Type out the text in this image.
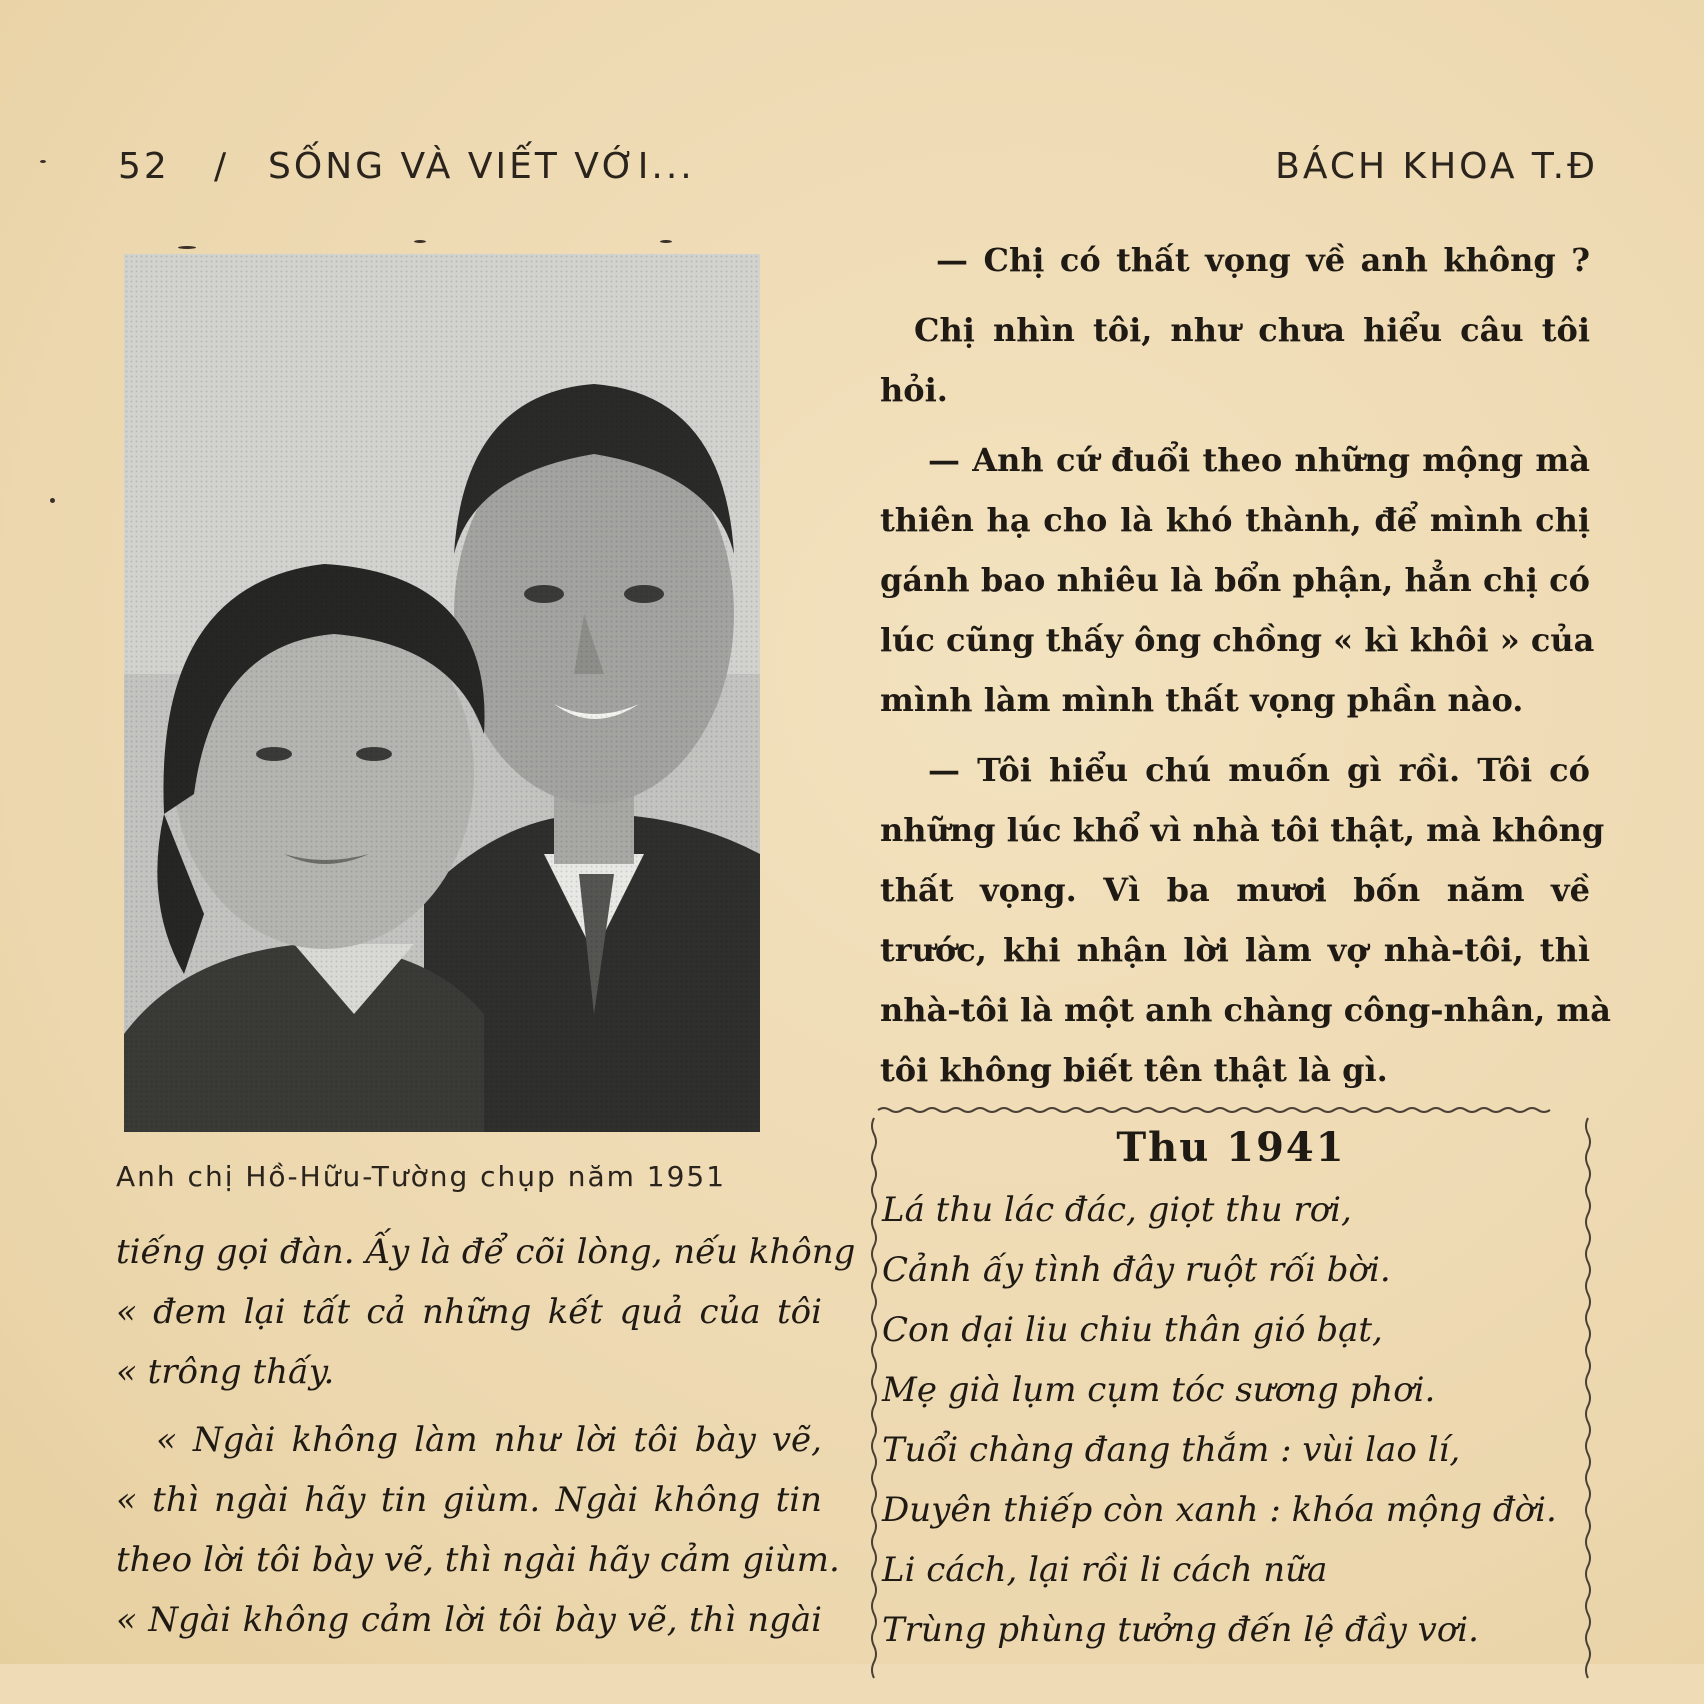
52 / SỐNG VÀ VIẾT VỚI...	BÁCH KHOA T.Đ
Anh chị Hồ-Hữu-Tường chụp năm 1951

tiếng gọi đàn. Ấy là để cõi lòng, nếu không
« đem lại tất cả những kết quả của tôi
« trông thấy.

« Ngài không làm như lời tôi bày vẽ,

« thì ngài hãy tin giùm. Ngài không tin
theo lời tôi bày vẽ, thì ngài hãy cảm giùm.
« Ngài không cảm lời tôi bày vẽ, thì ngài

— Chị có thất vọng về anh không ?
Chị nhìn tôi, như chưa hiểu câu tôi
hỏi.
— Anh cứ đuổi theo những mộng mà
thiên hạ cho là khó thành, để mình chị
gánh bao nhiêu là bổn phận, hẳn chị có
lúc cũng thấy ông chồng « kì khôi » của
mình làm mình thất vọng phần nào.
— Tôi hiểu chú muốn gì rồi. Tôi có
những lúc khổ vì nhà tôi thật, mà không
thất vọng. Vì ba mươi bốn năm về
trước, khi nhận lời làm vợ nhà-tôi, thì
nhà-tôi là một anh chàng công-nhân, mà
tôi không biết tên thật là gì.
Thu 1941
Lá thu lác đác, giọt thu rơi,
Cảnh ấy tình đây ruột rối bời.
Con dại liu chiu thân gió bạt,
Mẹ già lụm cụm tóc sương phơi.
Tuổi chàng đang thắm : vùi lao lí,
Duyên thiếp còn xanh : khóa mộng đời.
Li cách, lại rồi li cách nữa
Trùng phùng tưởng đến lệ đầy vơi.
